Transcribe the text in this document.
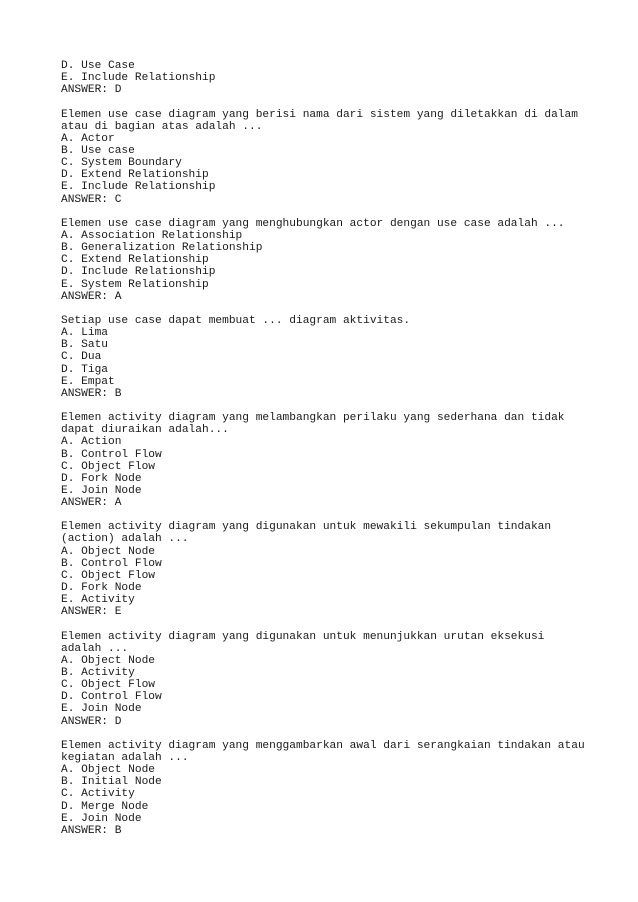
D. Use Case
E. Include Relationship
ANSWER: D
Elemen use case diagram yang berisi nama dari sistem yang diletakkan di dalam
atau di bagian atas adalah ...
A. Actor
B. Use case
C. System Boundary
D. Extend Relationship
E. Include Relationship
ANSWER: C
Elemen use case diagram yang menghubungkan actor dengan use case adalah ...
A. Association Relationship
B. Generalization Relationship
C. Extend Relationship
D. Include Relationship
E. System Relationship
ANSWER: A
Setiap use case dapat membuat ... diagram aktivitas.
A. Lima
B. Satu
C. Dua
D. Tiga
E. Empat
ANSWER: B
Elemen activity diagram yang melambangkan perilaku yang sederhana dan tidak
dapat diuraikan adalah...
A. Action
B. Control Flow
C. Object Flow
D. Fork Node
E. Join Node
ANSWER: A
Elemen activity diagram yang digunakan untuk mewakili sekumpulan tindakan
(action) adalah ...
A. Object Node
B. Control Flow
C. Object Flow
D. Fork Node
E. Activity
ANSWER: E
Elemen activity diagram yang digunakan untuk menunjukkan urutan eksekusi
adalah ...
A. Object Node
B. Activity
C. Object Flow
D. Control Flow
E. Join Node
ANSWER: D
Elemen activity diagram yang menggambarkan awal dari serangkaian tindakan atau
kegiatan adalah ...
A. Object Node
B. Initial Node
C. Activity
D. Merge Node
E. Join Node
ANSWER: B
